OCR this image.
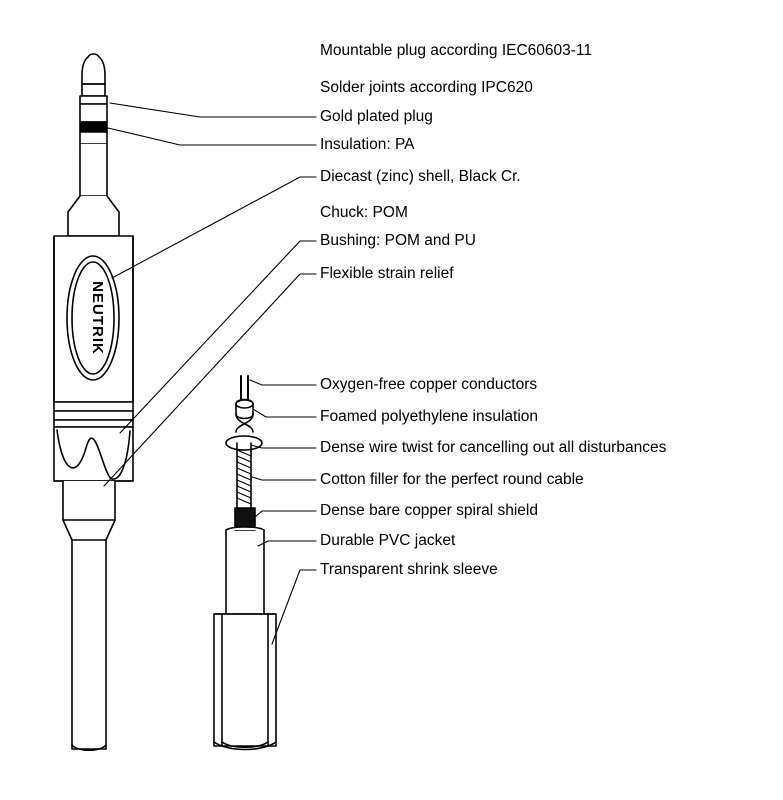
NEUTRIK
Mountable plug according IEC60603-11
Solder joints according IPC620
Gold plated plug
Insulation: PA
Diecast (zinc) shell, Black Cr.
Chuck: POM
Bushing: POM and PU
Flexible strain relief
Oxygen-free copper conductors
Foamed polyethylene insulation
Dense wire twist for cancelling out all disturbances
Cotton filler for the perfect round cable
Dense bare copper spiral shield
Durable PVC jacket
Transparent shrink sleeve
